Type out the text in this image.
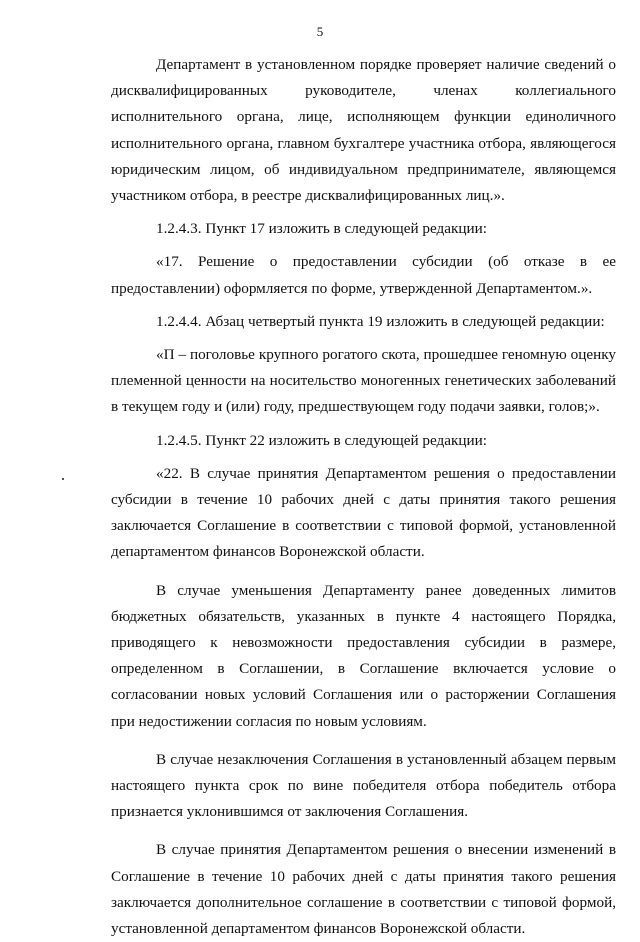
5

Департамент в установленном порядке проверяет наличие сведений о дисквалифицированных руководителе, членах коллегиального исполнительного органа, лице, исполняющем функции единоличного исполнительного органа, главном бухгалтере участника отбора, являющегося юридическим лицом, об индивидуальном предпринимателе, являющемся участником отбора, в реестре дисквалифицированных лиц.».

1.2.4.3. Пункт 17 изложить в следующей редакции:

«17. Решение о предоставлении субсидии (об отказе в ее предоставлении) оформляется по форме, утвержденной Департаментом.».

1.2.4.4. Абзац четвертый пункта 19 изложить в следующей редакции:

«П – поголовье крупного рогатого скота, прошедшее геномную оценку племенной ценности на носительство моногенных генетических заболеваний в текущем году и (или) году, предшествующем году подачи заявки, голов;».

1.2.4.5. Пункт 22 изложить в следующей редакции:

«22. В случае принятия Департаментом решения о предоставлении субсидии в течение 10 рабочих дней с даты принятия такого решения заключается Соглашение в соответствии с типовой формой, установленной департаментом финансов Воронежской области.

В случае уменьшения Департаменту ранее доведенных лимитов бюджетных обязательств, указанных в пункте 4 настоящего Порядка, приводящего к невозможности предоставления субсидии в размере, определенном в Соглашении, в Соглашение включается условие о согласовании новых условий Соглашения или о расторжении Соглашения при недостижении согласия по новым условиям.

В случае незаключения Соглашения в установленный абзацем первым настоящего пункта срок по вине победителя отбора победитель отбора признается уклонившимся от заключения Соглашения.

В случае принятия Департаментом решения о внесении изменений в Соглашение в течение 10 рабочих дней с даты принятия такого решения заключается дополнительное соглашение в соответствии с типовой формой, установленной департаментом финансов Воронежской области.
